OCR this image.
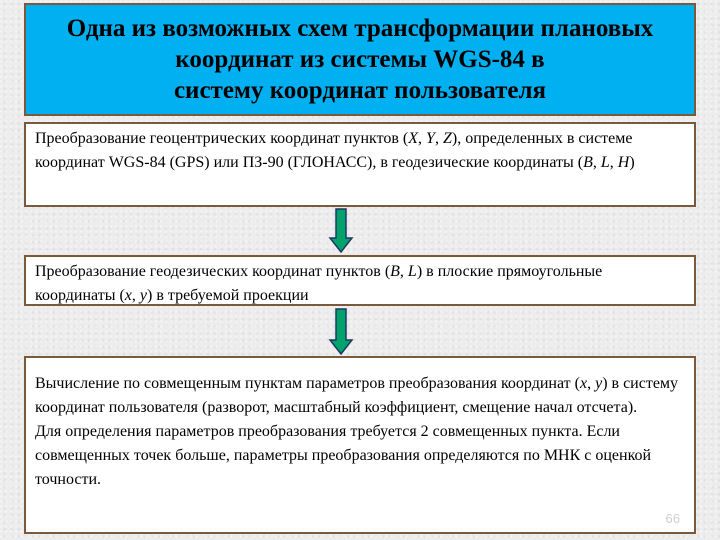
Одна из возможных схем трансформации плановых
координат из системы WGS-84 в
систему координат пользователя

Преобразование геоцентрических координат пунктов (X, Y, Z), определенных в системе координат WGS-84 (GPS) или ПЗ-90 (ГЛОНАСС), в геодезические координаты (B, L, H)

Преобразование геодезических координат пунктов (B, L) в плоские прямоугольные координаты (x, y) в требуемой проекции

Вычисление по совмещенным пунктам параметров преобразования координат (x, y) в систему координат пользователя (разворот, масштабный коэффициент, смещение начал отсчета).
Для определения параметров преобразования требуется 2 совмещенных пункта. Если совмещенных точек больше, параметры преобразования определяются по МНК с оценкой точности.

66
